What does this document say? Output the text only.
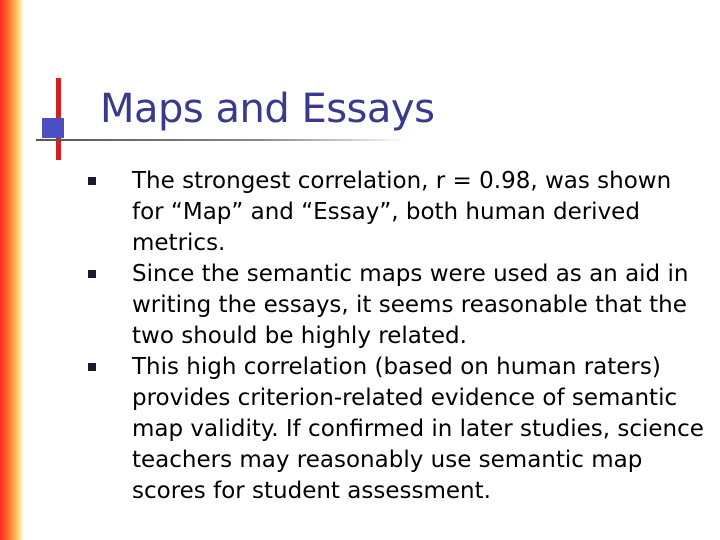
Maps and Essays
The strongest correlation, r = 0.98, was shown for “Map” and “Essay”, both human derived metrics.
Since the semantic maps were used as an aid in writing the essays, it seems reasonable that the two should be highly related.
This high correlation (based on human raters) provides criterion-related evidence of semantic map validity. If confirmed in later studies, science teachers may reasonably use semantic map scores for student assessment.
